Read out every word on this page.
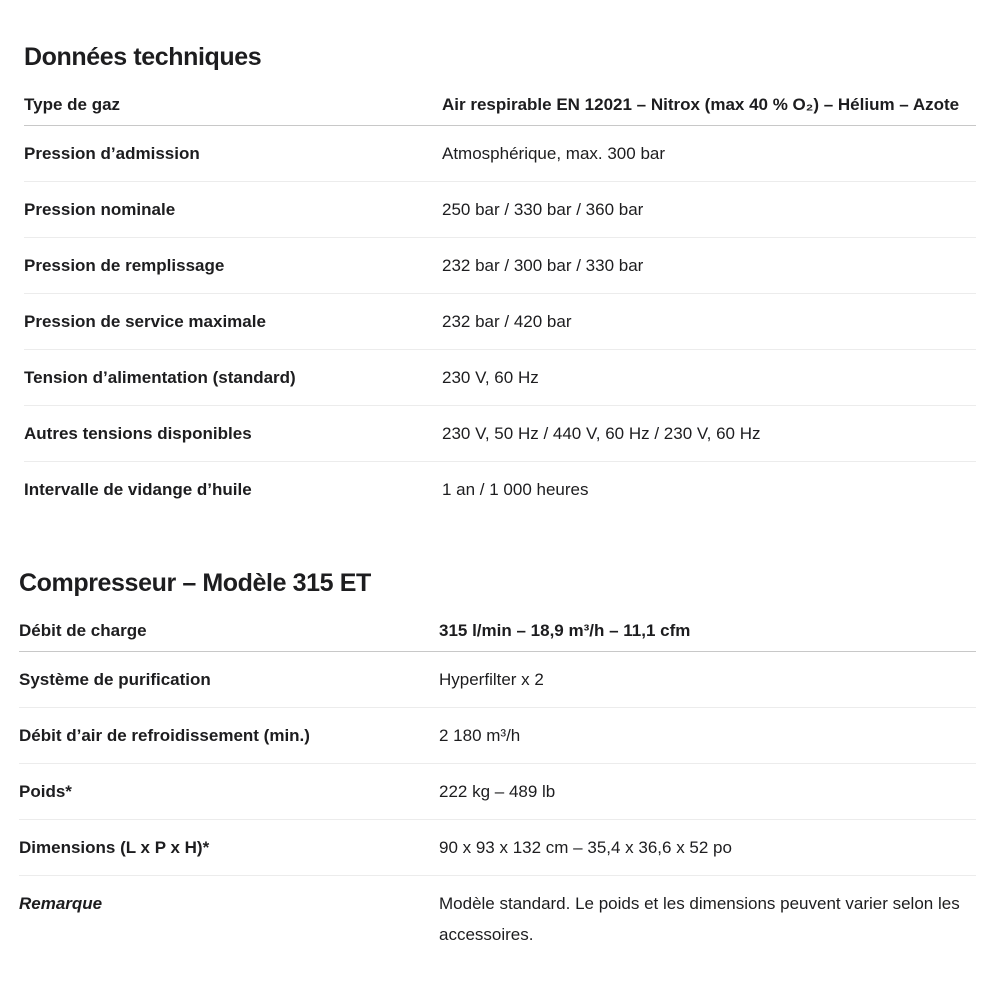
Données techniques
Type de gaz	Air respirable EN 12021 – Nitrox (max 40 % O₂) – Hélium – Azote
Pression d’admission	Atmosphérique, max. 300 bar
Pression nominale	250 bar / 330 bar / 360 bar
Pression de remplissage	232 bar / 300 bar / 330 bar
Pression de service maximale	232 bar / 420 bar
Tension d’alimentation (standard)	230 V, 60 Hz
Autres tensions disponibles	230 V, 50 Hz / 440 V, 60 Hz / 230 V, 60 Hz
Intervalle de vidange d’huile	1 an / 1 000 heures
Compresseur – Modèle 315 ET
Débit de charge	315 l/min – 18,9 m³/h – 11,1 cfm
Système de purification	Hyperfilter x 2
Débit d’air de refroidissement (min.)	2 180 m³/h
Poids*	222 kg – 489 lb
Dimensions (L x P x H)*	90 x 93 x 132 cm – 35,4 x 36,6 x 52 po
Remarque	Modèle standard. Le poids et les dimensions peuvent varier selon les accessoires.
